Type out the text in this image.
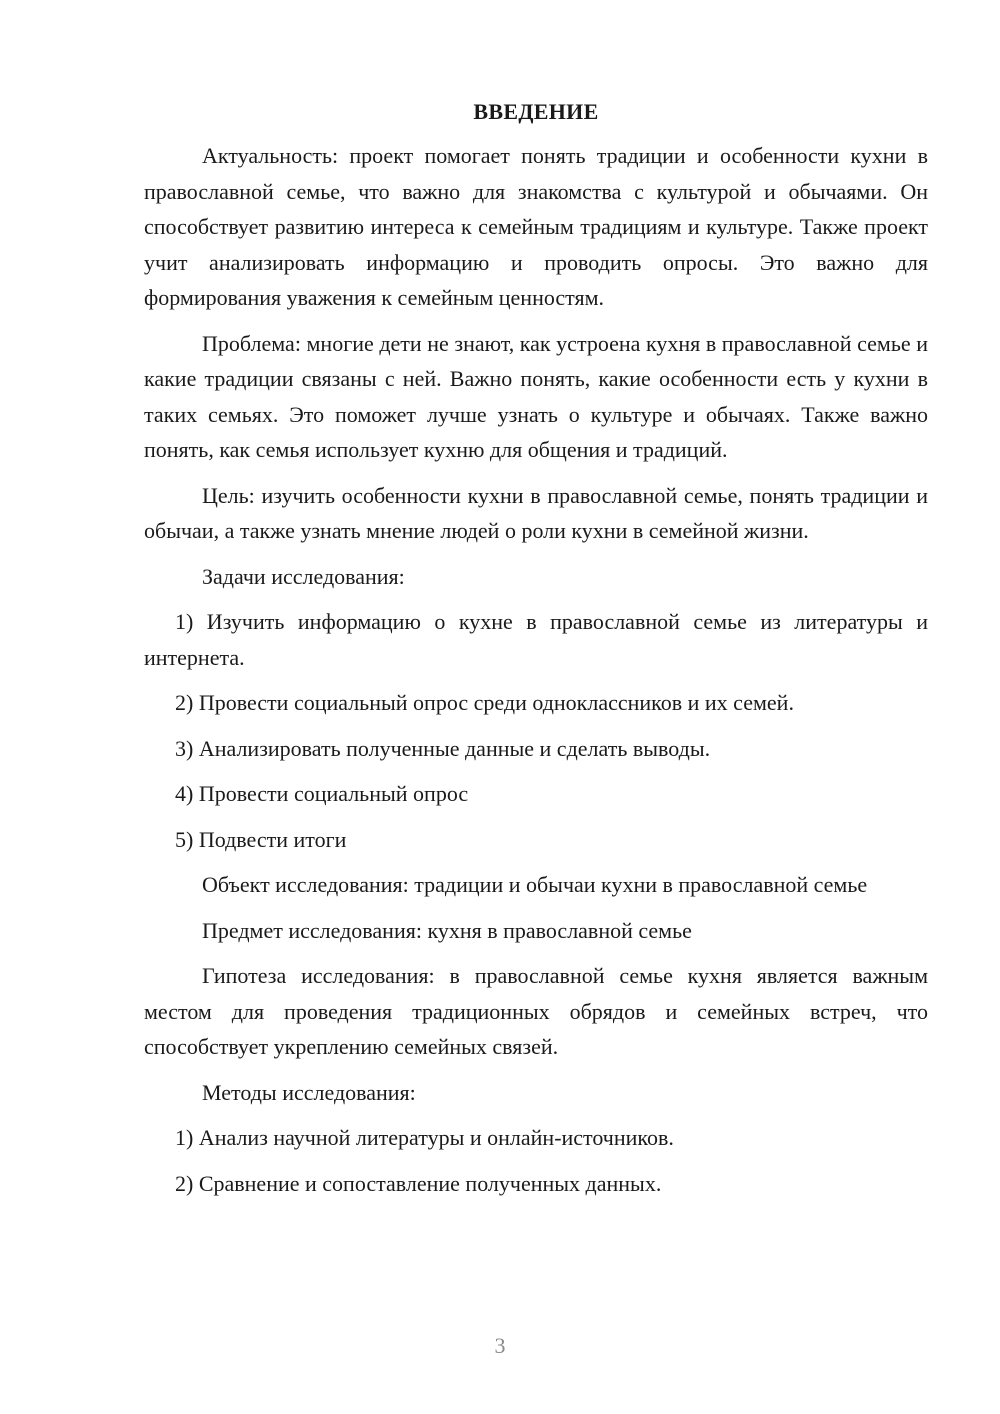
ВВЕДЕНИЕ

Актуальность: проект помогает понять традиции и особенности кухни в православной семье, что важно для знакомства с культурой и обычаями. Он способствует развитию интереса к семейным традициям и культуре. Также проект учит анализировать информацию и проводить опросы. Это важно для формирования уважения к семейным ценностям.

Проблема: многие дети не знают, как устроена кухня в православной семье и какие традиции связаны с ней. Важно понять, какие особенности есть у кухни в таких семьях. Это поможет лучше узнать о культуре и обычаях. Также важно понять, как семья использует кухню для общения и традиций.

Цель: изучить особенности кухни в православной семье, понять традиции и обычаи, а также узнать мнение людей о роли кухни в семейной жизни.

Задачи исследования:

1) Изучить информацию о кухне в православной семье из литературы и интернета.

2) Провести социальный опрос среди одноклассников и их семей.

3) Анализировать полученные данные и сделать выводы.

4) Провести социальный опрос

5) Подвести итоги

Объект исследования: традиции и обычаи кухни в православной семье

Предмет исследования: кухня в православной семье

Гипотеза исследования: в православной семье кухня является важным местом для проведения традиционных обрядов и семейных встреч, что способствует укреплению семейных связей.

Методы исследования:

1) Анализ научной литературы и онлайн-источников.

2) Сравнение и сопоставление полученных данных.

3
